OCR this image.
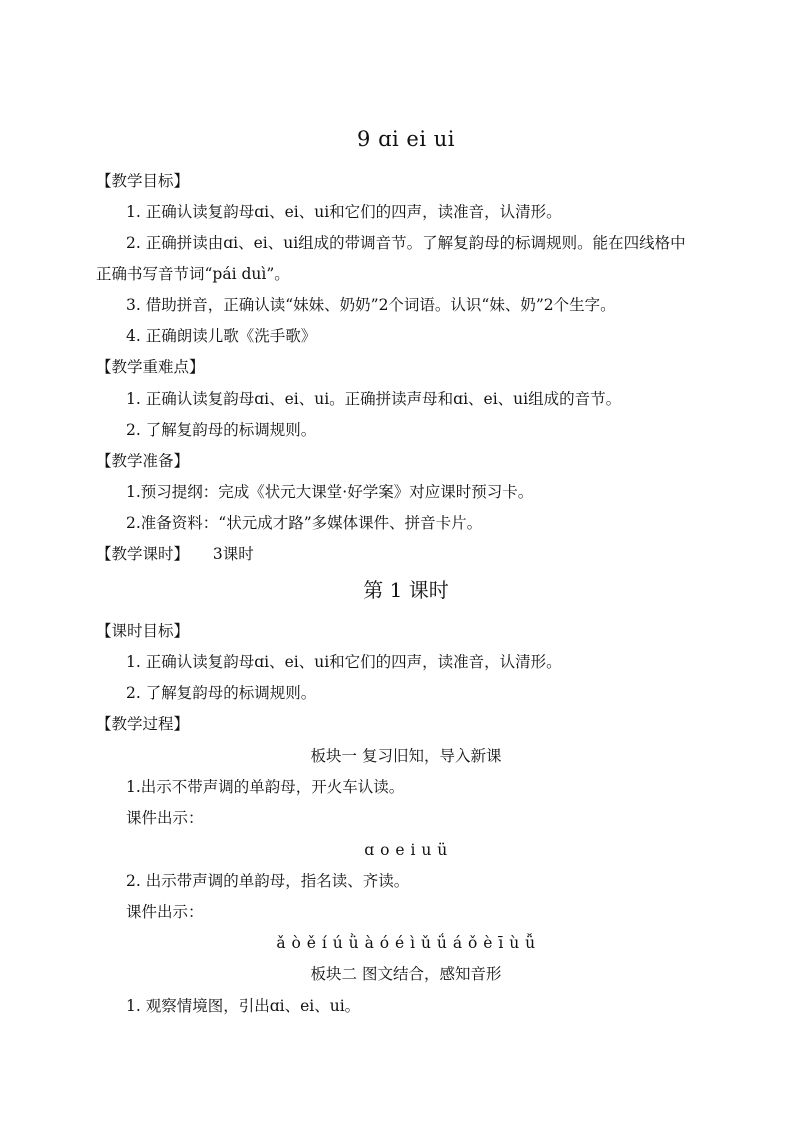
9 ɑi ei ui
【教学目标】
1. 正确认读复韵母ɑi、ei、ui和它们的四声，读准音，认清形。
2. 正确拼读由ɑi、ei、ui组成的带调音节。了解复韵母的标调规则。能在四线格中
正确书写音节词“pái duì”。
3. 借助拼音，正确认读“妹妹、奶奶”2个词语。认识“妹、奶”2个生字。
4. 正确朗读儿歌《洗手歌》
【教学重难点】
1. 正确认读复韵母ɑi、ei、ui。正确拼读声母和ɑi、ei、ui组成的音节。
2. 了解复韵母的标调规则。
【教学准备】
1.预习提纲：完成《状元大课堂·好学案》对应课时预习卡。
2.准备资料：“状元成才路”多媒体课件、拼音卡片。
【教学课时】 3课时
第 1 课时
【课时目标】
1. 正确认读复韵母ɑi、ei、ui和它们的四声，读准音，认清形。
2. 了解复韵母的标调规则。
【教学过程】
板块一 复习旧知，导入新课
1.出示不带声调的单韵母，开火车认读。
课件出示：
ɑ o e i u ü
2. 出示带声调的单韵母，指名读、齐读。
课件出示：
ǎ ò ě í ú ǜ à ó é ì ǔ ǘ á ǒ è ī ù ǚ
板块二 图文结合，感知音形
1. 观察情境图，引出ɑi、ei、ui。
